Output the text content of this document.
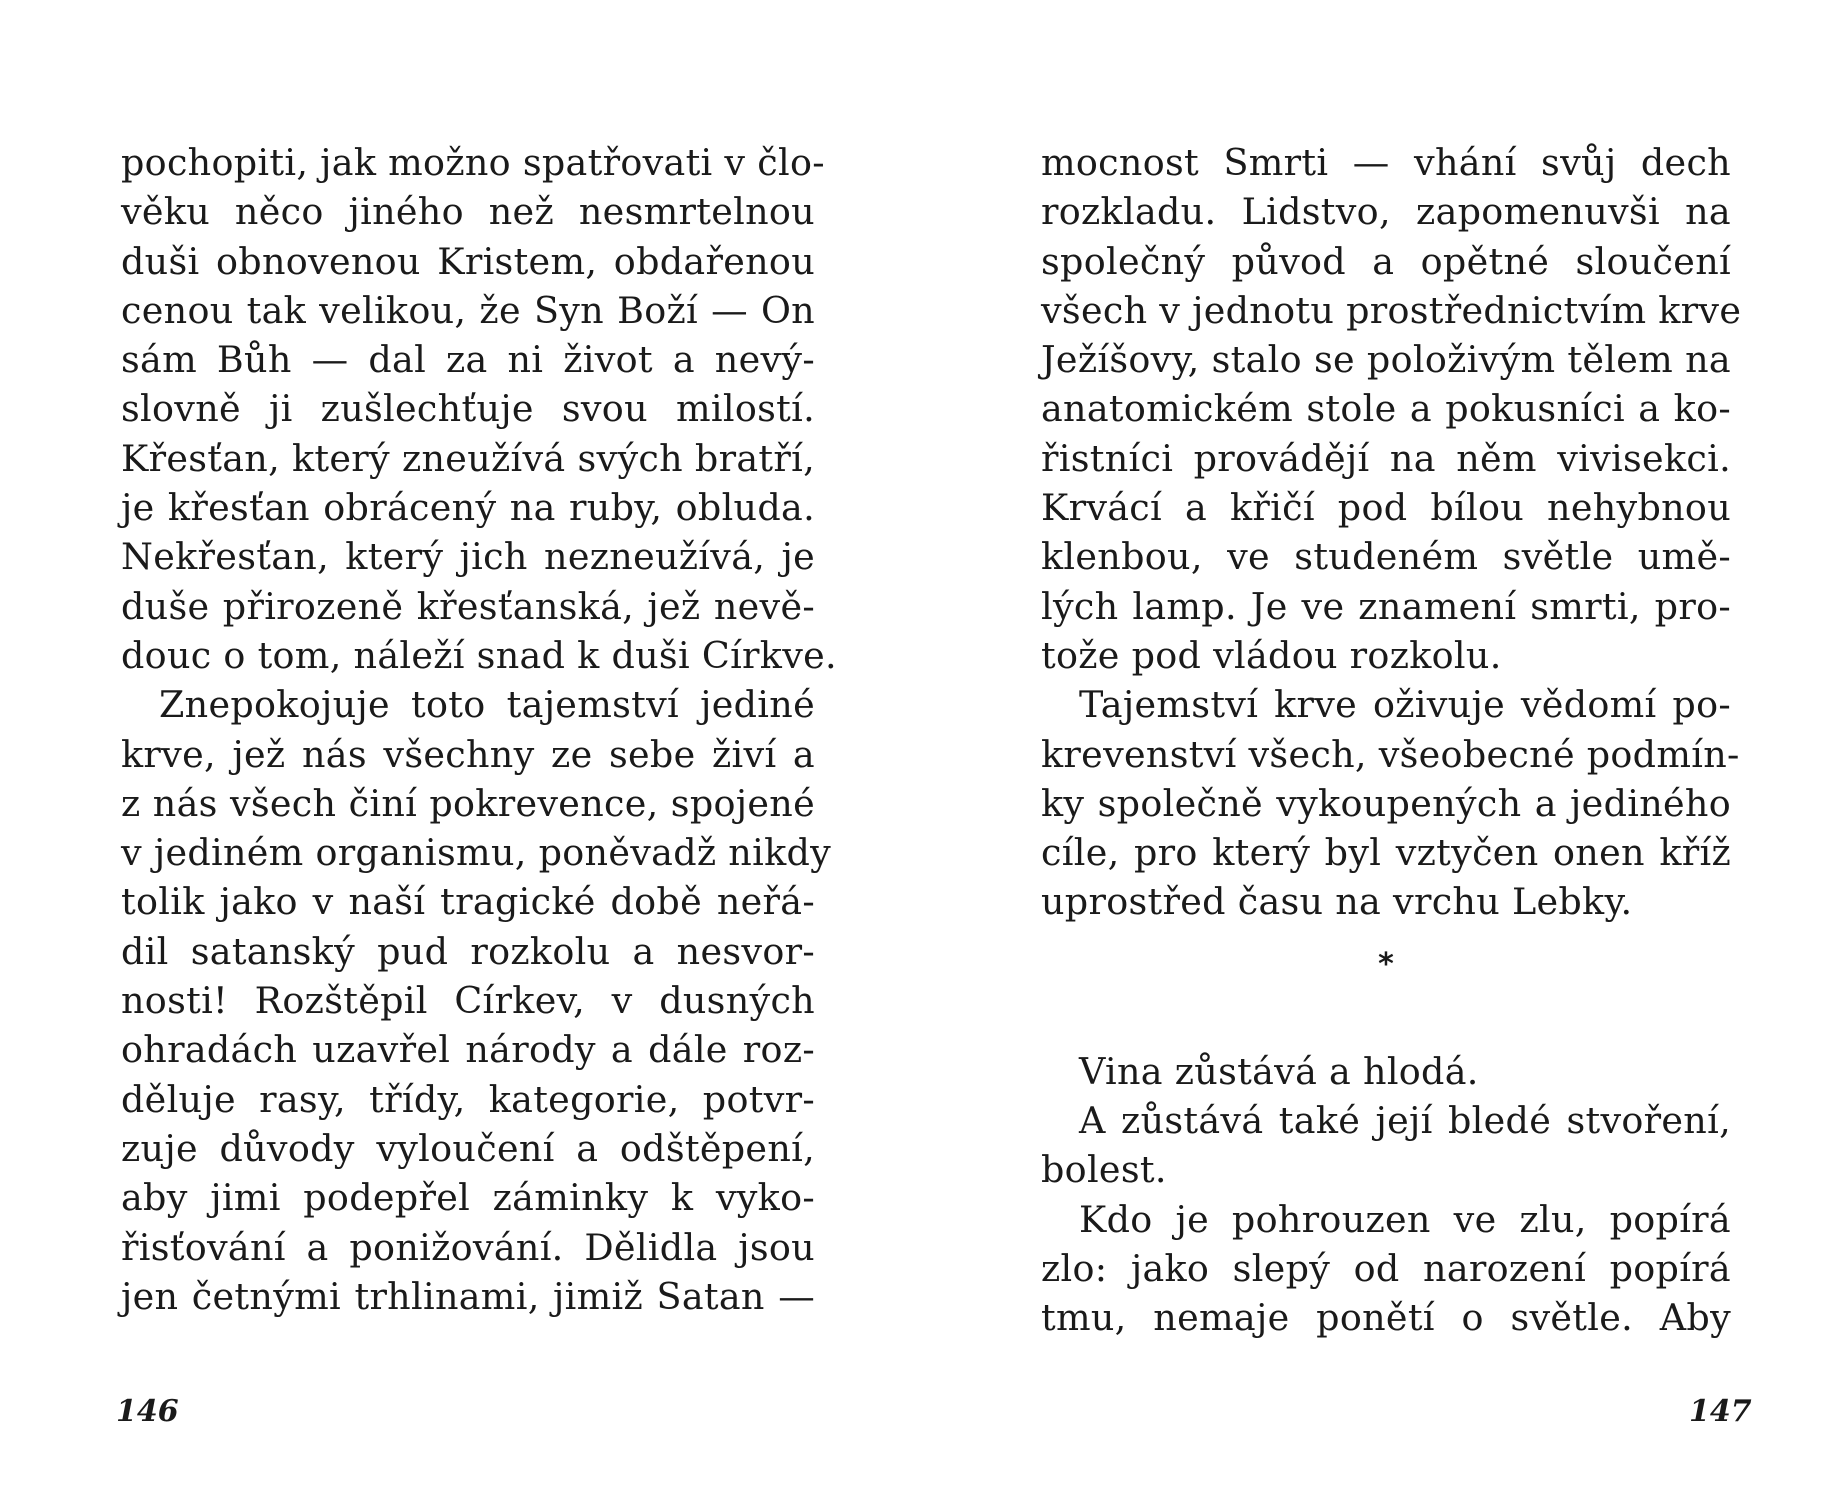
pochopiti, jak možno spatřovati v člo-
věku něco jiného než nesmrtelnou
duši obnovenou Kristem, obdařenou
cenou tak velikou, že Syn Boží — On
sám Bůh — dal za ni život a nevý-
slovně ji zušlechťuje svou milostí.
Křesťan, který zneužívá svých bratří,
je křesťan obrácený na ruby, obluda.
Nekřesťan, který jich nezneužívá, je
duše přirozeně křesťanská, jež nevě-
douc o tom, náleží snad k duši Církve.
Znepokojuje toto tajemství jediné
krve, jež nás všechny ze sebe živí a
z nás všech činí pokrevence, spojené
v jediném organismu, poněvadž nikdy
tolik jako v naší tragické době neřá-
dil satanský pud rozkolu a nesvor-
nosti! Rozštěpil Církev, v dusných
ohradách uzavřel národy a dále roz-
děluje rasy, třídy, kategorie, potvr-
zuje důvody vyloučení a odštěpení,
aby jimi podepřel záminky k vyko-
řisťování a ponižování. Dělidla jsou
jen četnými trhlinami, jimiž Satan —
146
mocnost Smrti — vhání svůj dech
rozkladu. Lidstvo, zapomenuvši na
společný původ a opětné sloučení
všech v jednotu prostřednictvím krve
Ježíšovy, stalo se položivým tělem na
anatomickém stole a pokusníci a ko-
řistníci provádějí na něm vivisekci.
Krvácí a křičí pod bílou nehybnou
klenbou, ve studeném světle umě-
lých lamp. Je ve znamení smrti, pro-
tože pod vládou rozkolu.
Tajemství krve oživuje vědomí po-
krevenství všech, všeobecné podmín-
ky společně vykoupených a jediného
cíle, pro který byl vztyčen onen kříž
uprostřed času na vrchu Lebky.
*
Vina zůstává a hlodá.
A zůstává také její bledé stvoření,
bolest.
Kdo je pohrouzen ve zlu, popírá
zlo: jako slepý od narození popírá
tmu, nemaje ponětí o světle. Aby
147
